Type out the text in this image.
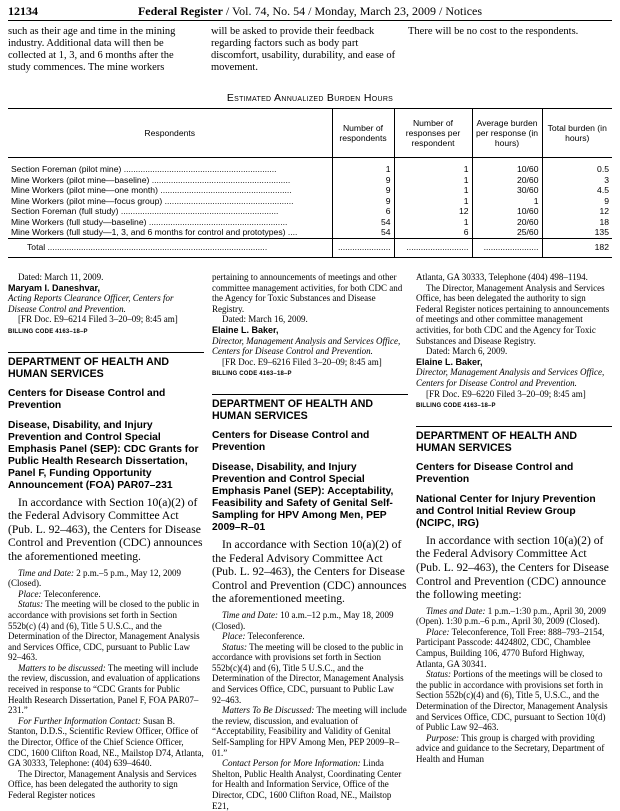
12134	Federal Register / Vol. 74, No. 54 / Monday, March 23, 2009 / Notices
such as their age and time in the mining industry. Additional data will then be collected at 1, 3, and 6 months after the study commences. The mine workers
will be asked to provide their feedback regarding factors such as body part discomfort, usability, durability, and ease of movement.
There will be no cost to the respondents.
Estimated Annualized Burden Hours
Respondents	Number of respondents	Number of responses per respondent	Average burden per response (in hours)	Total burden (in hours)
Section Foreman (pilot mine) ................................................................	1	1	10/60	0.5
Mine Workers (pilot mine—baseline) ..........................................................	9	1	20/60	3
Mine Workers (pilot mine—one month) .......................................................	9	1	30/60	4.5
Mine Workers (pilot mine—focus group) ......................................................	9	1	1	9
Section Foreman (full study) ..................................................................	6	12	10/60	12
Mine Workers (full study—baseline) ..........................................................	54	1	20/60	18
Mine Workers (full study—1, 3, and 6 months for control and prototypes) ....	54	6	25/60	135
Total ............................................................................................	......................	..........................	.......................	182

Dated: March 11, 2009.

Maryam I. Daneshvar,

Acting Reports Clearance Officer, Centers for Disease Control and Prevention.

[FR Doc. E9–6214 Filed 3–20–09; 8:45 am]

BILLING CODE 4163–18–P
DEPARTMENT OF HEALTH AND HUMAN SERVICES
Centers for Disease Control and Prevention
Disease, Disability, and Injury Prevention and Control Special Emphasis Panel (SEP): CDC Grants for Public Health Research Dissertation, Panel F, Funding Opportunity Announcement (FOA) PAR07–231

In accordance with Section 10(a)(2) of the Federal Advisory Committee Act (Pub. L. 92–463), the Centers for Disease Control and Prevention (CDC) announces the aforementioned meeting.

Time and Date: 2 p.m.–5 p.m., May 12, 2009 (Closed).

Place: Teleconference.

Status: The meeting will be closed to the public in accordance with provisions set forth in Section 552b(c) (4) and (6), Title 5 U.S.C., and the Determination of the Director, Management Analysis and Services Office, CDC, pursuant to Public Law 92–463.

Matters to be discussed: The meeting will include the review, discussion, and evaluation of applications received in response to “CDC Grants for Public Health Research Dissertation, Panel F, FOA PAR07–231.”

For Further Information Contact: Susan B. Stanton, D.D.S., Scientific Review Officer, Office of the Director, Office of the Chief Science Officer, CDC, 1600 Clifton Road, NE., Mailstop D74, Atlanta, GA 30333, Telephone: (404) 639–4640.

The Director, Management Analysis and Services Office, has been delegated the authority to sign Federal Register notices

pertaining to announcements of meetings and other committee management activities, for both CDC and the Agency for Toxic Substances and Disease Registry.

Dated: March 16, 2009.

Elaine L. Baker,

Director, Management Analysis and Services Office, Centers for Disease Control and Prevention.

[FR Doc. E9–6216 Filed 3–20–09; 8:45 am]

BILLING CODE 4163–18–P
DEPARTMENT OF HEALTH AND HUMAN SERVICES
Centers for Disease Control and Prevention
Disease, Disability, and Injury Prevention and Control Special Emphasis Panel (SEP): Acceptability, Feasibility and Safety of Genital Self-Sampling for HPV Among Men, PEP 2009–R–01

In accordance with Section 10(a)(2) of the Federal Advisory Committee Act (Pub. L. 92–463), the Centers for Disease Control and Prevention (CDC) announces the aforementioned meeting.

Time and Date: 10 a.m.–12 p.m., May 18, 2009 (Closed).

Place: Teleconference.

Status: The meeting will be closed to the public in accordance with provisions set forth in Section 552b(c)(4) and (6), Title 5 U.S.C., and the Determination of the Director, Management Analysis and Services Office, CDC, pursuant to Public Law 92–463.

Matters To Be Discussed: The meeting will include the review, discussion, and evaluation of “Acceptability, Feasibility and Validity of Genital Self-Sampling for HPV Among Men, PEP 2009–R–01.”

Contact Person for More Information: Linda Shelton, Public Health Analyst, Coordinating Center for Health and Information Service, Office of the Director, CDC, 1600 Clifton Road, NE., Mailstop E21,

Atlanta, GA 30333, Telephone (404) 498–1194.

The Director, Management Analysis and Services Office, has been delegated the authority to sign Federal Register notices pertaining to announcements of meetings and other committee management activities, for both CDC and the Agency for Toxic Substances and Disease Registry.

Dated: March 6, 2009.

Elaine L. Baker,

Director, Management Analysis and Services Office, Centers for Disease Control and Prevention.

[FR Doc. E9–6220 Filed 3–20–09; 8:45 am]

BILLING CODE 4163–18–P
DEPARTMENT OF HEALTH AND HUMAN SERVICES
Centers for Disease Control and Prevention
National Center for Injury Prevention and Control Initial Review Group (NCIPC, IRG)

In accordance with section 10(a)(2) of the Federal Advisory Committee Act (Pub. L. 92–463), the Centers for Disease Control and Prevention (CDC) announce the following meeting:

Times and Date: 1 p.m.–1:30 p.m., April 30, 2009 (Open). 1:30 p.m.–6 p.m., April 30, 2009 (Closed).

Place: Teleconference, Toll Free: 888–793–2154, Participant Passcode: 4424802, CDC, Chamblee Campus, Building 106, 4770 Buford Highway, Atlanta, GA 30341.

Status: Portions of the meetings will be closed to the public in accordance with provisions set forth in Section 552b(c)(4) and (6), Title 5, U.S.C., and the Determination of the Director, Management Analysis and Services Office, CDC, pursuant to Section 10(d) of Public Law 92–463.

Purpose: This group is charged with providing advice and guidance to the Secretary, Department of Health and Human
